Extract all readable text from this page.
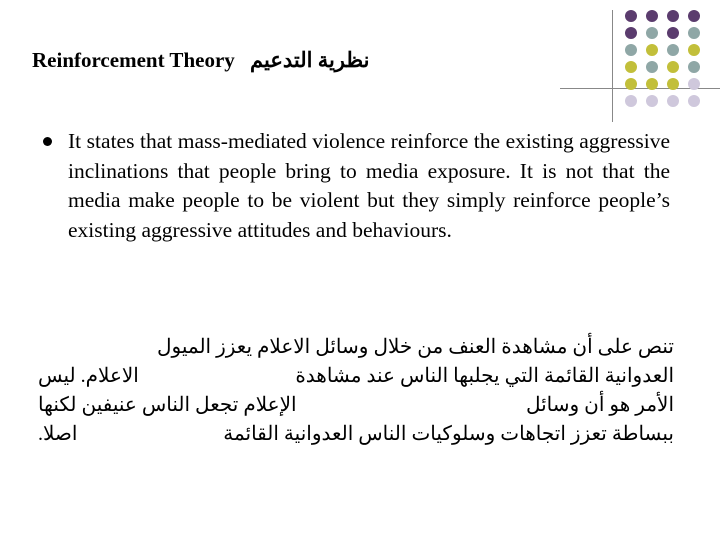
Reinforcement Theory نظرية التدعيم
It states that mass-mediated violence reinforce the existing aggressive inclinations that people bring to media exposure. It is not that the media make people to be violent but they simply reinforce people’s existing aggressive attitudes and behaviours.
تنص على أن مشاهدة العنف من خلال وسائل الاعلام يعزز الميول
العدوانية القائمة التي يجلبها الناس عند مشاهدة
الاعلام. ليس
الأمر هو أن وسائل
الإعلام تجعل الناس عنيفين لكنها
ببساطة تعزز اتجاهات وسلوكيات الناس العدوانية القائمة
اصلا.
